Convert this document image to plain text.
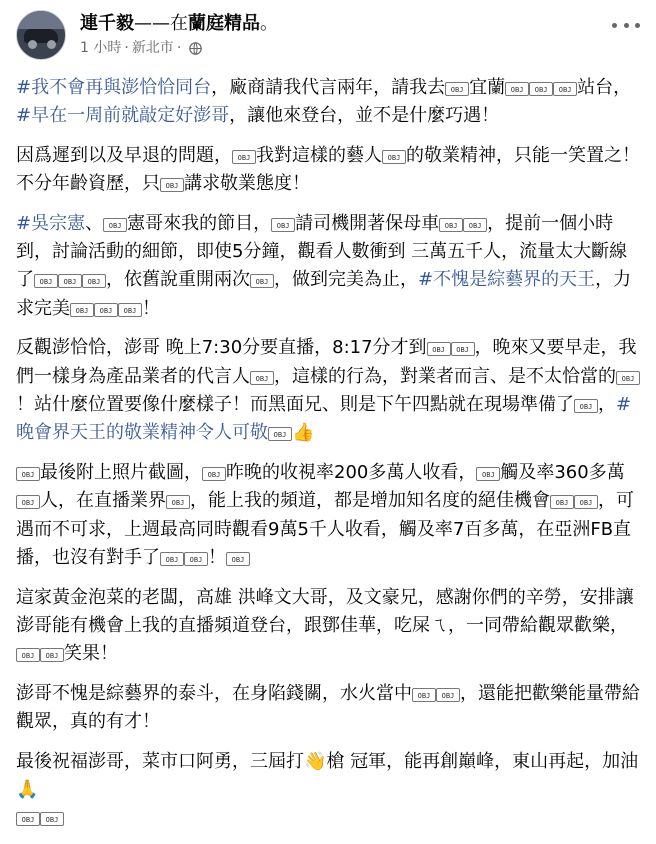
連千毅——在蘭庭精品。
1 小時 · 新北市 ·

#我不會再與澎恰恰同台，廠商請我代言兩年，請我去 OBJ 宜蘭 OBJ OBJ OBJ 站台，#早在一周前就敲定好澎哥，讓他來登台，並不是什麼巧遇！

因爲遲到以及早退的問題， OBJ 我對這樣的藝人 OBJ 的敬業精神，只能一笑置之！不分年齡資歷，只 OBJ 講求敬業態度！

#吳宗憲、 OBJ 憲哥來我的節目， OBJ 請司機開著保母車 OBJ OBJ ，提前一個小時到，討論活動的細節，即使5分鐘，觀看人數衝到 三萬五千人，流量太大斷線了 OBJ OBJ OBJ ，依舊說重開兩次 OBJ ，做到完美為止，#不愧是綜藝界的天王，力求完美 OBJ OBJ OBJ ！

反觀澎恰恰，澎哥 晚上7:30分要直播，8:17分才到 OBJ OBJ ，晚來又要早走，我們一樣身為產品業者的代言人 OBJ ，這樣的行為，對業者而言、是不太恰當的 OBJ！站什麼位置要像什麼樣子！而黑面兄、則是下午四點就在現場準備了 OBJ ，#晚會界天王的敬業精神令人可敬 OBJ 👍

OBJ 最後附上照片截圖， OBJ 昨晚的收視率200多萬人收看， OBJ 觸及率360多萬OBJ 人，在直播業界 OBJ ，能上我的頻道，都是增加知名度的絕佳機會 OBJ OBJ ，可遇而不可求，上週最高同時觀看9萬5千人收看，觸及率7百多萬，在亞洲FB直播，也沒有對手了 OBJ OBJ ！ OBJ

這家黃金泡菜的老闆，高雄 洪峰文大哥，及文豪兄，感謝你們的辛勞，安排讓澎哥能有機會上我的直播頻道登台，跟鄧佳華，吃屎ㄟ，一同帶給觀眾歡樂，OBJ OBJ 笑果！

澎哥不愧是綜藝界的泰斗，在身陷錢關，水火當中 OBJ OBJ ，還能把歡樂能量帶給觀眾，真的有才！

最後祝福澎哥，菜市口阿勇，三屆打👋槍 冠軍，能再創巔峰，東山再起，加油🙏
OBJ OBJ
